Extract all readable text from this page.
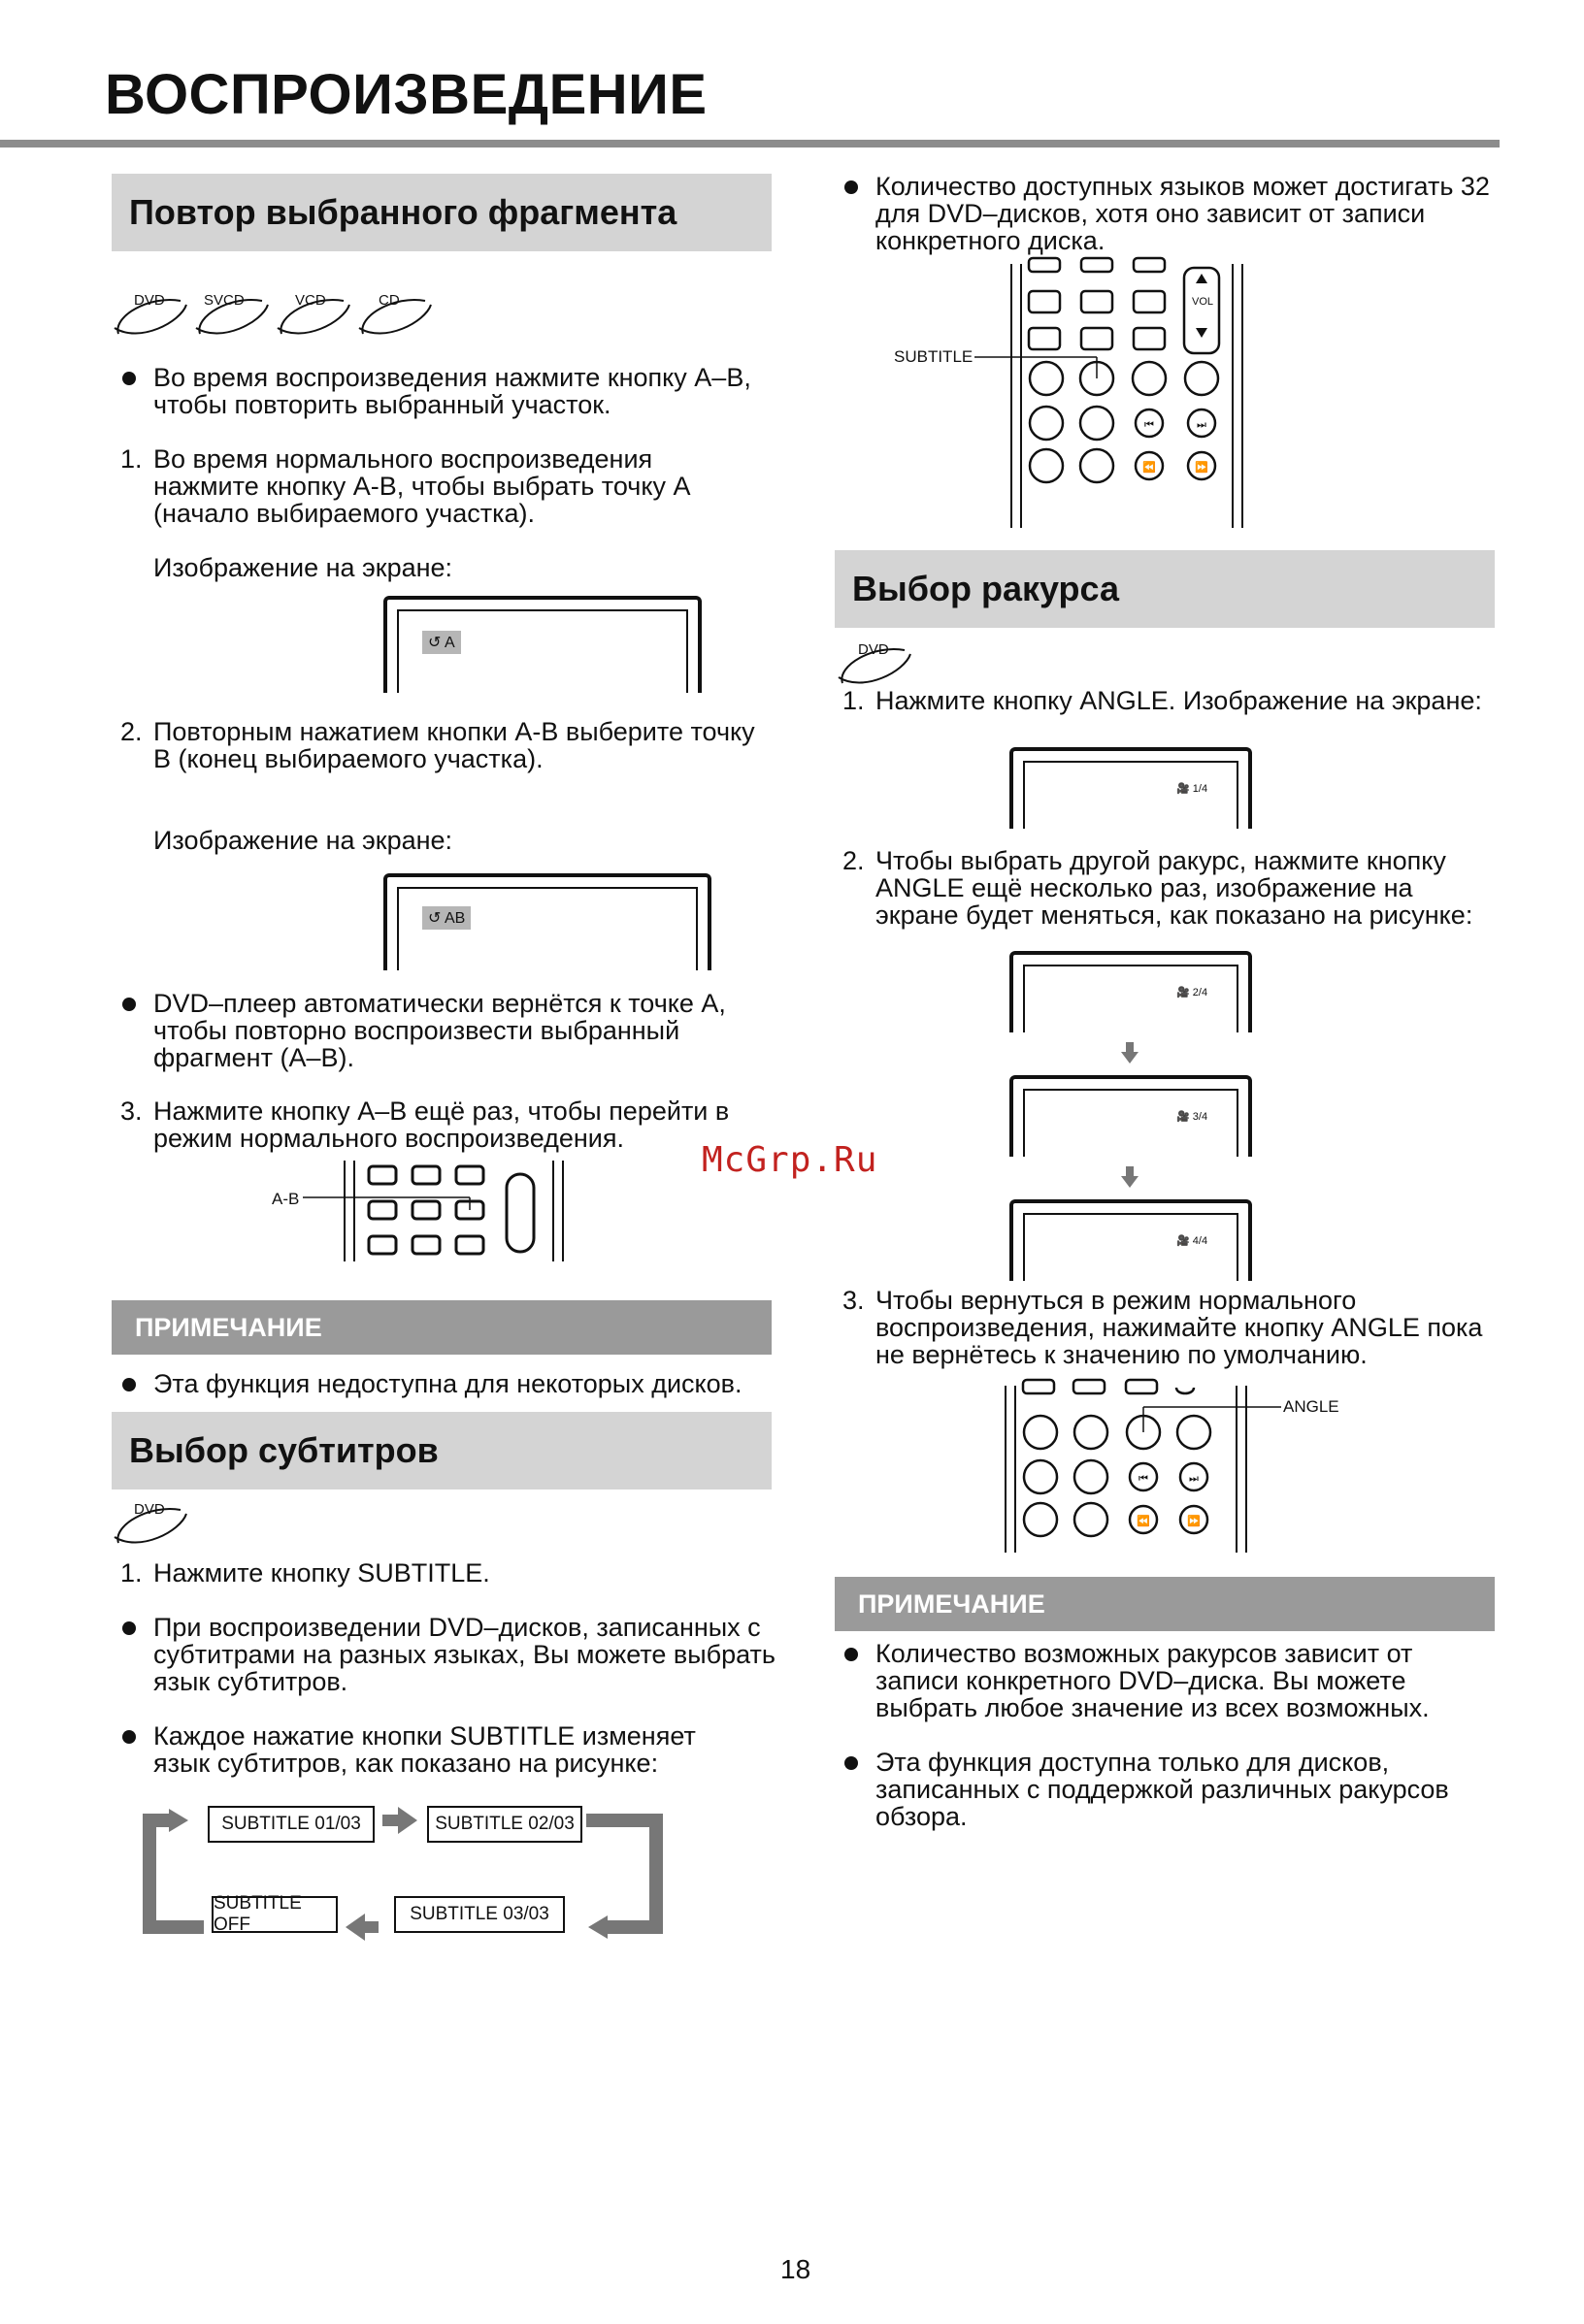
ВОСПРОИЗВЕДЕНИЕ
Повтор выбранного фрагмента
DVD	SVCD	VCD	CD
Во время воспроизведения нажмите кнопку А–В, чтобы повторить выбранный участок.
1. Во время нормального воспроизведения нажмите кнопку A-B, чтобы выбрать точку A (начало выбираемого участка).
Изображение на экране:
↺ A
2. Повторным нажатием кнопки A-B выберите точку B (конец выбираемого участка).
Изображение на экране:
↺ AB
DVD–плеер автоматически вернётся к точке А, чтобы повторно воспроизвести выбранный фрагмент (А–В).
3. Нажмите кнопку А–В ещё раз, чтобы перейти в режим нормального воспроизведения.
A-B
ПРИМЕЧАНИЕ
Эта функция недоступна для некоторых дисков.
Выбор субтитров
DVD
1. Нажмите кнопку SUBTITLE.
При воспроизведении DVD–дисков, записанных с субтитрами на разных языках, Вы можете выбрать язык субтитров.
Каждое нажатие кнопки SUBTITLE изменяет язык субтитров, как показано на рисунке:
SUBTITLE 01/03	SUBTITLE 02/03
SUBTITLE 03/03
SUBTITLE OFF
Количество доступных языков может достигать 32 для DVD–дисков, хотя оно зависит от записи конкретного диска.
SUBTITLE
VOL
⏮	⏭
⏪	⏩
Выбор ракурса
DVD
1. Нажмите кнопку ANGLE. Изображение на экране:
🎥 1/4
2. Чтобы выбрать другой ракурс, нажмите кнопку ANGLE ещё несколько раз, изображение на экране будет меняться, как показано на рисунке:
🎥 2/4
🎥 3/4
🎥 4/4
3. Чтобы вернуться в режим нормального воспроизведения, нажимайте кнопку ANGLE пока не вернётесь к значению по умолчанию.
ANGLE
⏮	⏭
⏪	⏩
ПРИМЕЧАНИЕ
Количество возможных ракурсов зависит от записи конкретного DVD–диска. Вы можете выбрать любое значение из всех возможных.
Эта функция доступна только для дисков, записанных с поддержкой различных ракурсов обзора.
McGrp.Ru
18
